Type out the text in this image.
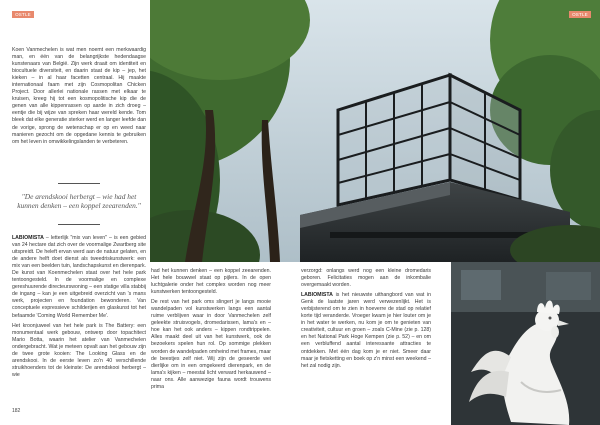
OSTLE

Koen Vanmechelen is wat men noemt een merkwaardig man, en één van de belangrijkste hedendaagse kunstenaars van België. Zijn werk draait om identiteit en biocultuele diversiteit, en daarin staat de kip – jep, het kieken – in al haar facetten centraal. Hij maakte internationaal faam met zijn Cosmopolitan Chicken Project. Door allerlei nationale rassen met elkaar te kruisen, kreeg hij tot een kosmopolitische kip die de genen van alle kippenrassen op aarde in zich droeg – eentje die bij wijze van spreken haar wereld kende. Tom bleek dat elke generatie sterker werd en langer leefde dan de vorige, sprong de wetenschap er op en weed naar manieren gezocht om de opgedane kennis te gebruiken om het leven in omwikkelingslanden te verbeteren.

"De arendskooi herbergt – wie had het kunnen denken – een koppel zeearenden."

LABIOMISTA – letterlijk "mix van leven" – is een gebied van 24 hectare dat zich over de voormalige Zwartberg site uitspreidt. De heleft ervan werd aan de natuur gelaten, en de andere helft doet dienst als tweedriskunstwerk: een mix van een beelden tuin, landschapskunst en dierenpark. De kunst van Koenmechelen staat over het hele park tentoongesteld. In de voormalige en complexe gereshuurende directeurswoning – een statige villa stabbij de ingang – kan je een uitgebreid overzicht van 's mans werk, projecten en foundation bewonderen. Van conceptuele expressieve schilderijen en glaskunst tot het befaamde 'Coming World Remember Me'.

Het kroonjuweel van het hele park is The Battery: een monumentaal werk gebouw, ontwerp door topachitect Mario Botta, waarin het atelier van Vanmechelen ondergebracht. Wat je meteen opvalt aan het gebouw zijn de twee grote kooien: The Looking Glass en de arendskooi. In de eerste leven zo'n 40 verschillende struikhoenders tot de kleinste: De arendskooi herbergt – wie

had het kunnen denken – een koppel zeearenden. Het hele bouwwel staat op pijlers. In de open luchtgalerie onder het complex worden nog meer kunstwerken tentoongesteld.

De rest van het park oms slingert je langs mooie wandelpaden vol kunstwerken langs een aantal ruime verblijven waar in door Vanmechelen zelf geleekte struisvogels, dromedarissen, lama's en – hoe kan het ook anders – kippen rondtrippelen. Alles maakt deel uit van het kunstwerk, ook de bezoekers spelen hun rol. Op sommige plekken worden de wandelpaden omheind met frames, maar de beestjes zelf niet. Wij zijn de geseerde wel dierlijke om in een omgekeerd dierenpark, en de lama's kijken – meestal licht verward herkauwend – naar ons. Alle aanwezige fauna wordt trouwens prima

verzorgd: onlangs werd nog een kleine dromedaris geboren. Felicitaties mogen aan de inkombalie overgemaakt worden.

LABIOMISTA is het nieuwste uithangbord van wat in Genk de laatste jaren werd verwezenlijkt. Het is verbijsterend om te zien in hoeverre de stad op relatief korte tijd veranderde. Vroeger kwam je hier louter om je in het water te werken, nu kom je om te genieten van creativiteit, cultuur en groen – zoals C-Mine (zie p. 128) en het National Park Hoge Kempen (zie p. 52) – en om een verbluffend aantal interessante attracties te ontdekken. Met één dag kom je er niet. Smeer daar maar je fietsketting en boek op z'n minst een weekend – het zal nodig zijn.

182
OSTLE
